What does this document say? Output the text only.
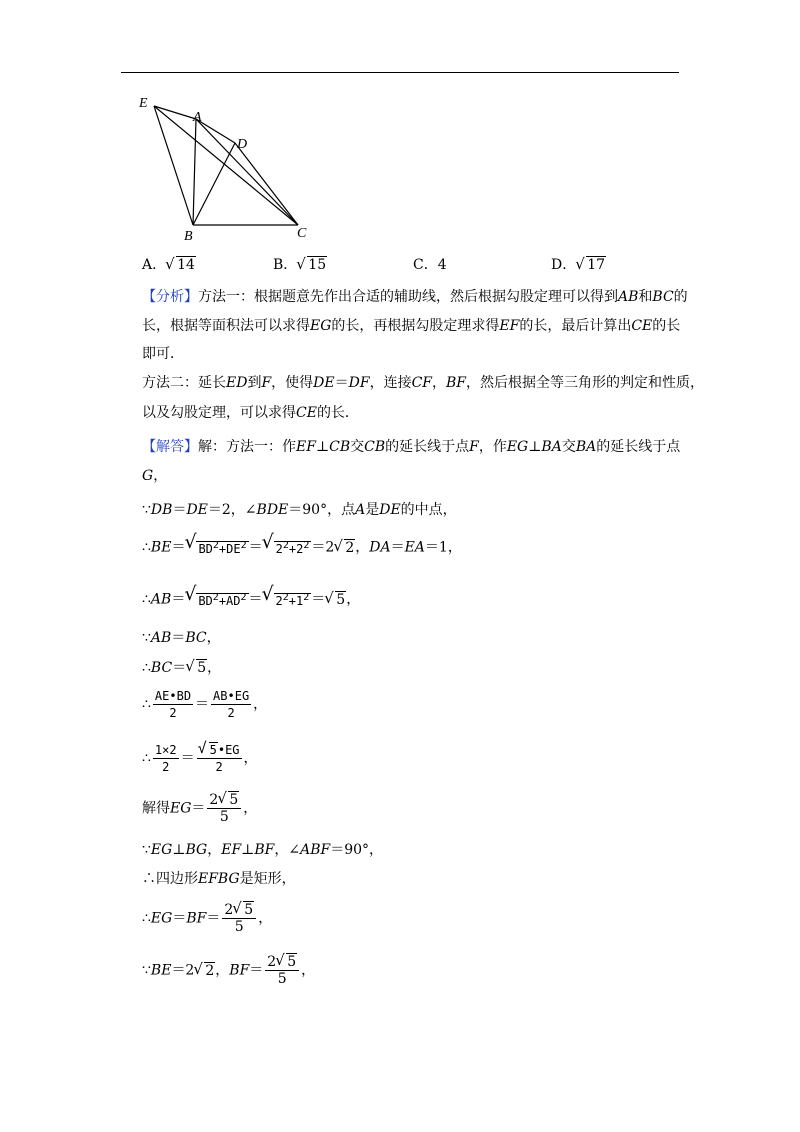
E
A
D
B	C
A．√ 14	B．√ 15	C．4	D．√ 17
【分析】方法一：根据题意先作出合适的辅助线，然后根据勾股定理可以得到AB和BC的
长，根据等面积法可以求得EG的长，再根据勾股定理求得EF的长，最后计算出CE的长
即可．
方法二：延长ED到F，使得DE＝DF，连接CF，BF，然后根据全等三角形的判定和性质，
以及勾股定理，可以求得CE的长．
【解答】解：方法一：作EF⊥CB交CB的延长线于点F，作EG⊥BA交BA的延长线于点
G，
∵DB＝DE＝2，∠BDE＝90°，点A是DE的中点，
∴BE＝√ $BD^2+DE^2$ ＝√ $2^2+2^2 =2√$ 2，DA＝EA＝1，
∴AB＝√ $BD^2+AD^2$ ＝√ $2^2+1^2$ ＝√ 5，
∵AB＝BC，
∴BC＝√ 5，
∴ $\frac{AE•BD}{2} = \frac{AB•EG}{2}$ ，
∴ $\frac{1\times 2}{2}$ ＝
√ $\frac{5•EG}{2}$ ，
解得$EG= \frac{2√ 5}{5}$ ，
∵EG⊥BG，EF⊥BF，∠ABF＝90°，
∴四边形EFBG是矩形，
∴EG＝BF＝ $\frac{2√ 5}{5}$ ，
∵BE＝2√ 2，$BF= \frac{2√ 5}{5}$ ，
